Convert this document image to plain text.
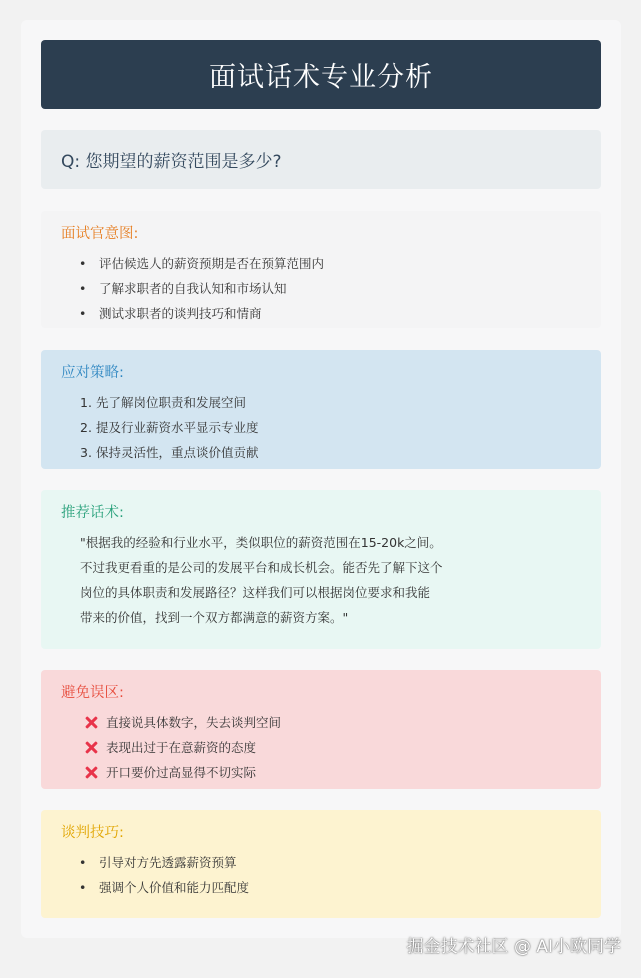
面试话术专业分析
Q: 您期望的薪资范围是多少?
面试官意图:
• 评估候选人的薪资预期是否在预算范围内
• 了解求职者的自我认知和市场认知
• 测试求职者的谈判技巧和情商
应对策略:
1. 先了解岗位职责和发展空间
2. 提及行业薪资水平显示专业度
3. 保持灵活性，重点谈价值贡献
推荐话术:
"根据我的经验和行业水平，类似职位的薪资范围在15-20k之间。
不过我更看重的是公司的发展平台和成长机会。能否先了解下这个
岗位的具体职责和发展路径？这样我们可以根据岗位要求和我能
带来的价值，找到一个双方都满意的薪资方案。"
避免误区:
直接说具体数字，失去谈判空间
表现出过于在意薪资的态度
开口要价过高显得不切实际
谈判技巧:
• 引导对方先透露薪资预算
• 强调个人价值和能力匹配度
掘金技术社区 @ AI小欧同学
